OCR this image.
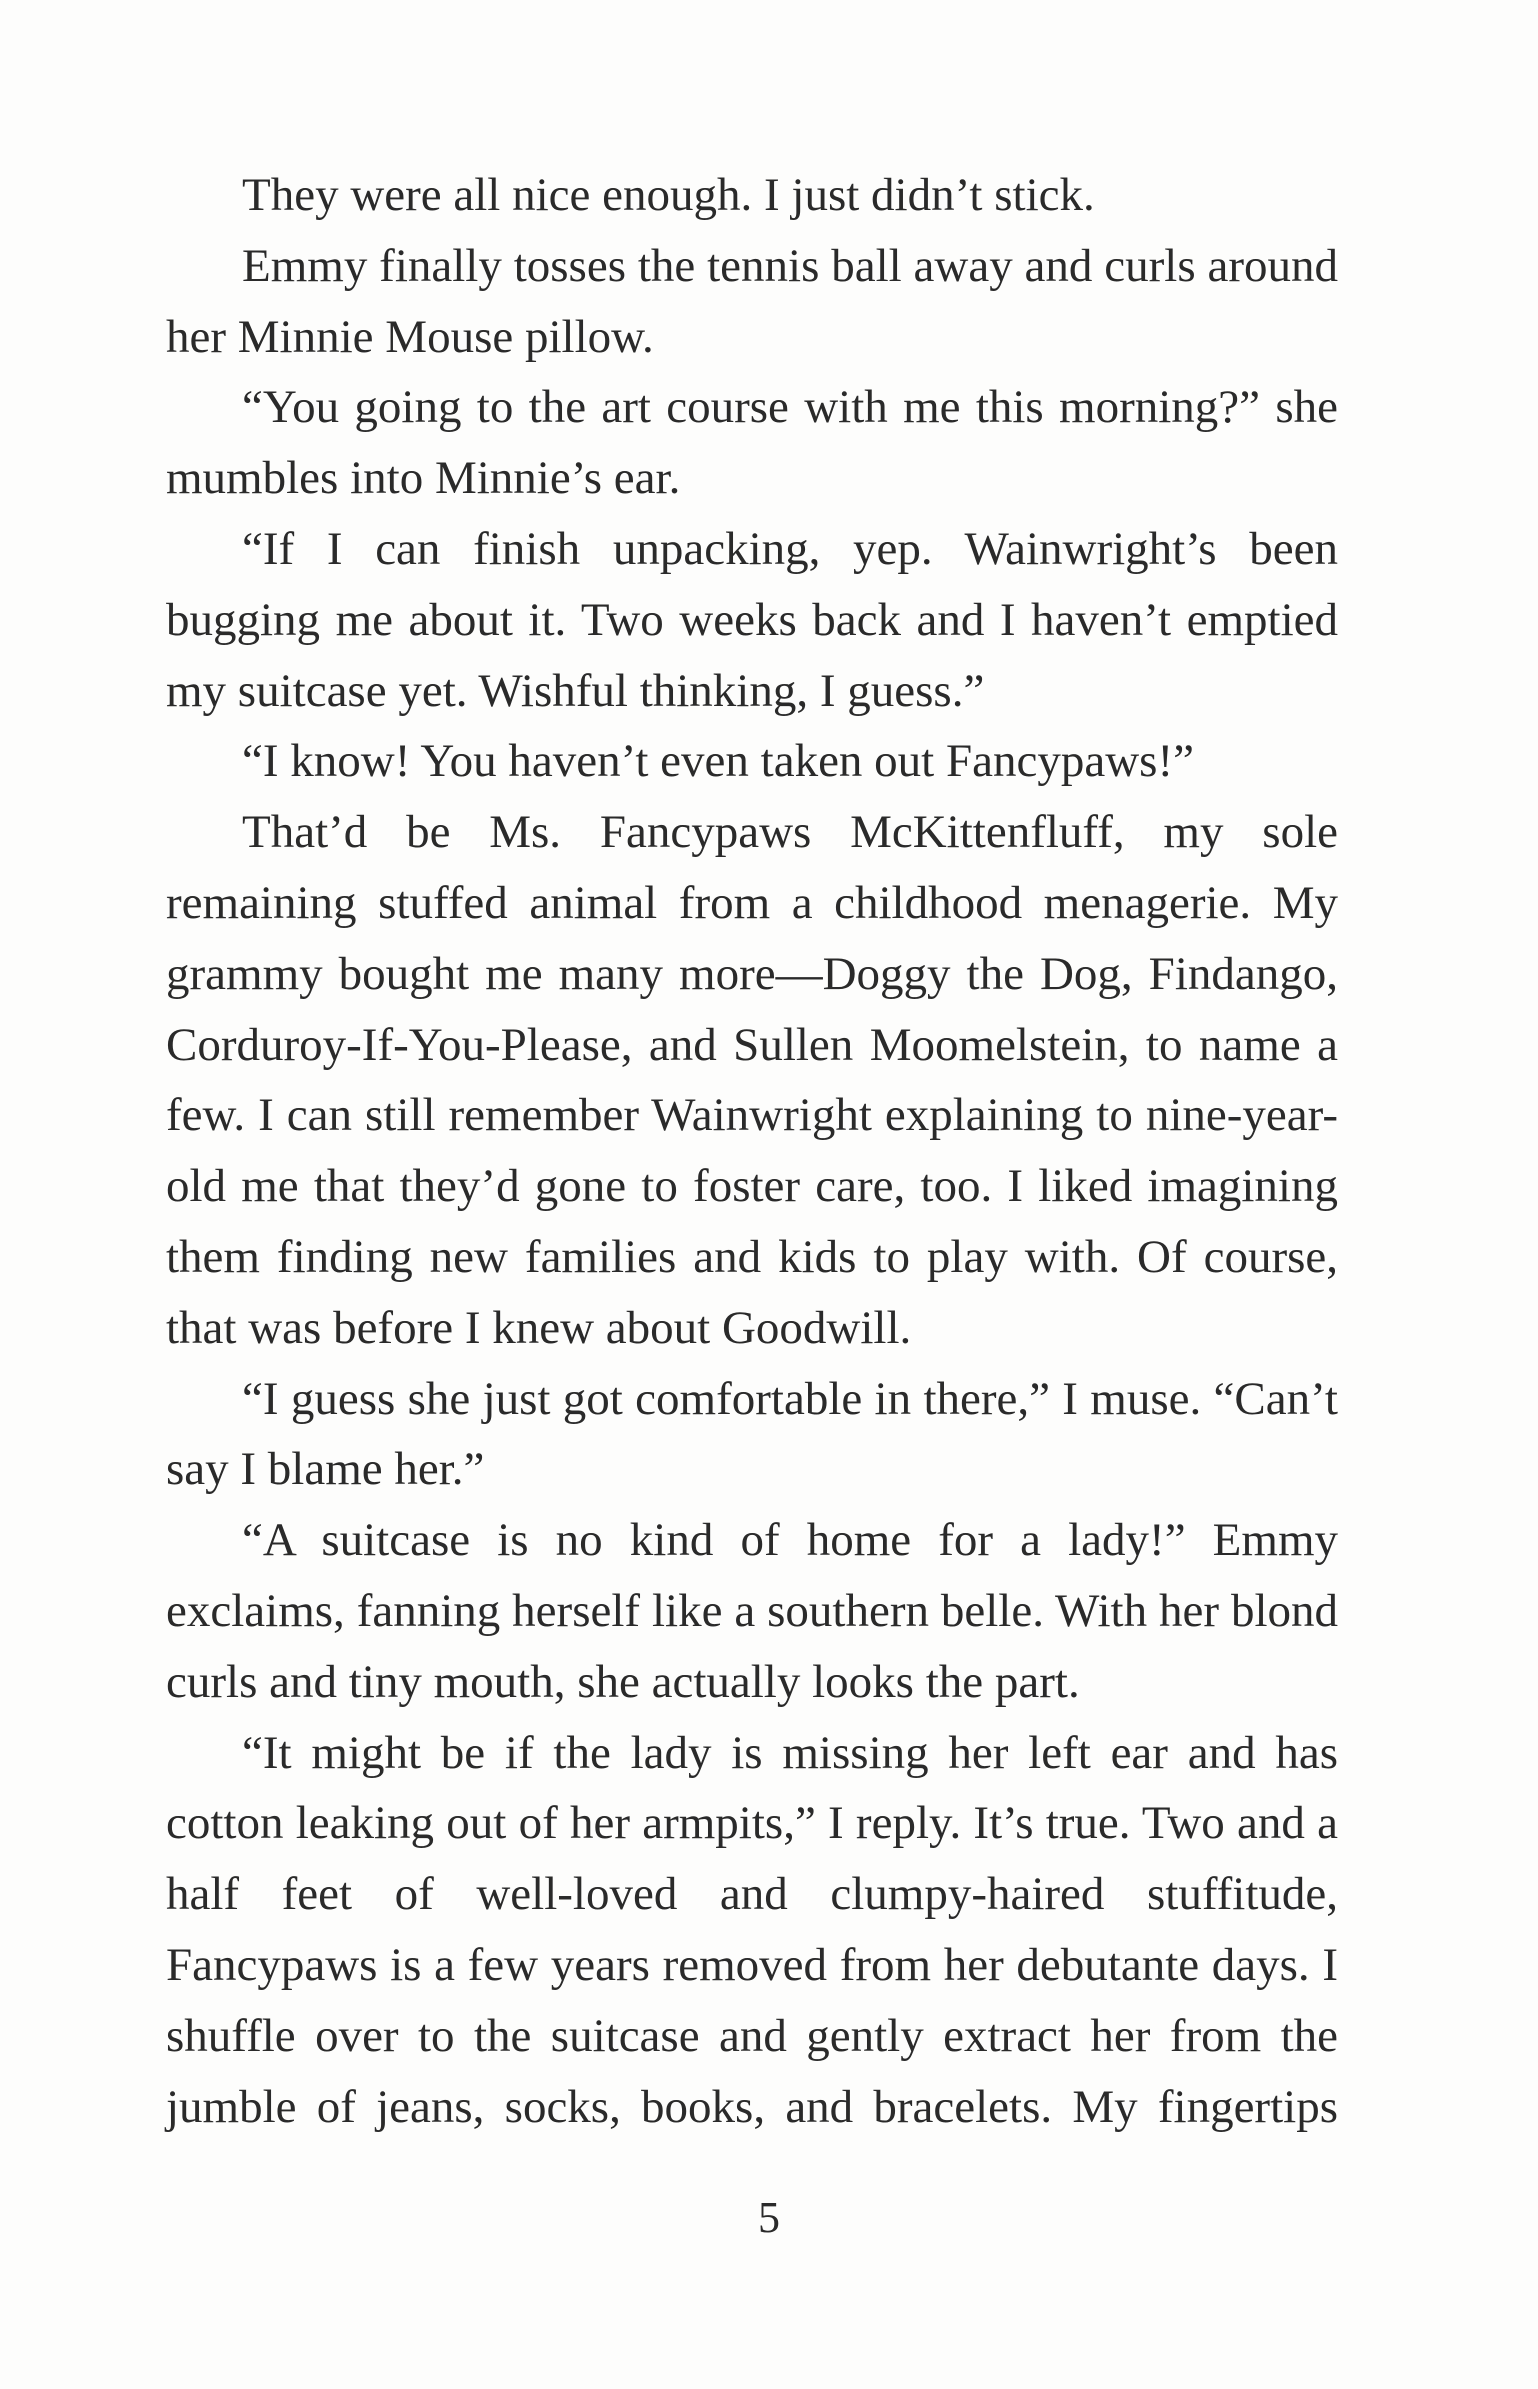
They were all nice enough. I just didn’t stick.

Emmy finally tosses the tennis ball away and curls around her Minnie Mouse pillow.

“You going to the art course with me this morning?” she mumbles into Minnie’s ear.

“If I can finish unpacking, yep. Wainwright’s been bugging me about it. Two weeks back and I haven’t emptied my suitcase yet. Wishful thinking, I guess.”

“I know! You haven’t even taken out Fancypaws!”

That’d be Ms. Fancypaws McKittenfluff, my sole remaining stuffed animal from a childhood menagerie. My grammy bought me many more—Doggy the Dog, Findango, Corduroy-If-You-Please, and Sullen Moomelstein, to name a few. I can still remember Wainwright explaining to nine-year-old me that they’d gone to foster care, too. I liked imagining them finding new families and kids to play with. Of course, that was before I knew about Goodwill.

“I guess she just got comfortable in there,” I muse. “Can’t say I blame her.”

“A suitcase is no kind of home for a lady!” Emmy exclaims, fanning herself like a southern belle. With her blond curls and tiny mouth, she actually looks the part.

“It might be if the lady is missing her left ear and has cotton leaking out of her armpits,” I reply. It’s true. Two and a half feet of well-loved and clumpy-haired stuffitude, Fancypaws is a few years removed from her debutante days. I shuffle over to the suitcase and gently extract her from the jumble of jeans, socks, books, and bracelets. My fingertips

5
